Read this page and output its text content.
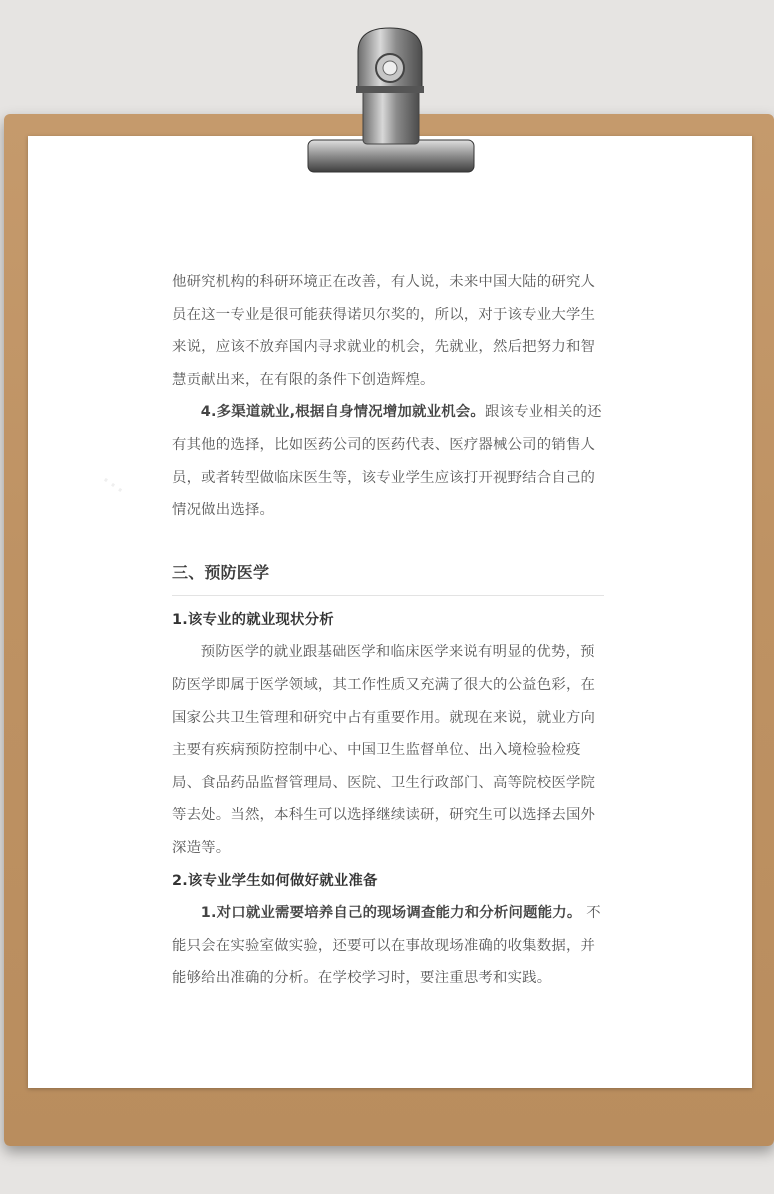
⋯

他研究机构的科研环境正在改善，有人说，未来中国大陆的研究人员在这一专业是很可能获得诺贝尔奖的，所以，对于该专业大学生来说，应该不放弃国内寻求就业的机会，先就业，然后把努力和智慧贡献出来，在有限的条件下创造辉煌。

4.多渠道就业,根据自身情况增加就业机会。跟该专业相关的还有其他的选择，比如医药公司的医药代表、医疗器械公司的销售人员，或者转型做临床医生等，该专业学生应该打开视野结合自己的情况做出选择。

三、预防医学

1.该专业的就业现状分析

预防医学的就业跟基础医学和临床医学来说有明显的优势，预防医学即属于医学领域，其工作性质又充满了很大的公益色彩，在国家公共卫生管理和研究中占有重要作用。就现在来说，就业方向主要有疾病预防控制中心、中国卫生监督单位、出入境检验检疫局、食品药品监督管理局、医院、卫生行政部门、高等院校医学院等去处。当然，本科生可以选择继续读研，研究生可以选择去国外深造等。

2.该专业学生如何做好就业准备

1.对口就业需要培养自己的现场调查能力和分析问题能力。 不能只会在实验室做实验，还要可以在事故现场准确的收集数据，并能够给出准确的分析。在学校学习时，要注重思考和实践。
